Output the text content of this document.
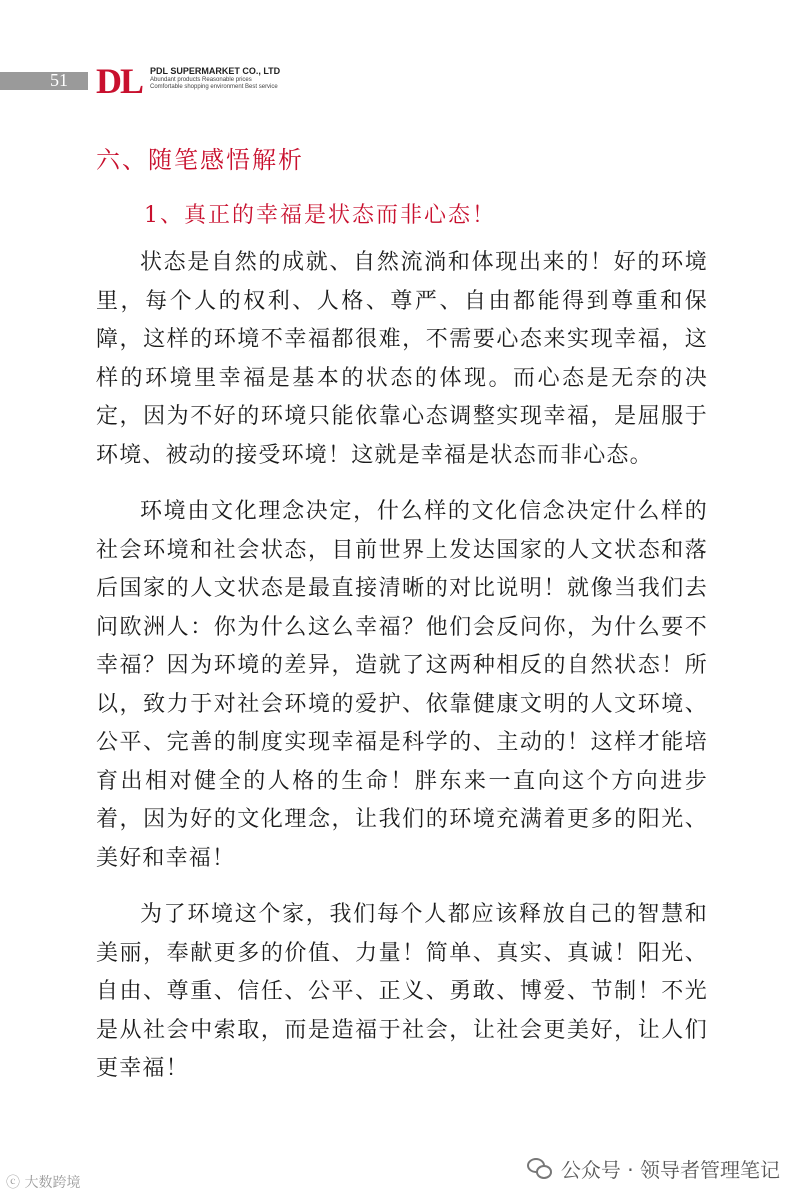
51 DL PDL SUPERMARKET CO., LTD

Abundant products Reasonable prices

Comfortable shopping environment Best service

六、随笔感悟解析
1、真正的幸福是状态而非心态！

状态是自然的成就、自然流淌和体现出来的！好的环境里，每个人的权利、人格、尊严、自由都能得到尊重和保障，这样的环境不幸福都很难，不需要心态来实现幸福，这样的环境里幸福是基本的状态的体现。而心态是无奈的决定，因为不好的环境只能依靠心态调整实现幸福，是屈服于环境、被动的接受环境！这就是幸福是状态而非心态。

环境由文化理念决定，什么样的文化信念决定什么样的社会环境和社会状态，目前世界上发达国家的人文状态和落后国家的人文状态是最直接清晰的对比说明！就像当我们去问欧洲人：你为什么这么幸福？他们会反问你，为什么要不幸福？因为环境的差异，造就了这两种相反的自然状态！所以，致力于对社会环境的爱护、依靠健康文明的人文环境、公平、完善的制度实现幸福是科学的、主动的！这样才能培育出相对健全的人格的生命！胖东来一直向这个方向进步着，因为好的文化理念，让我们的环境充满着更多的阳光、美好和幸福！

为了环境这个家，我们每个人都应该释放自己的智慧和美丽，奉献更多的价值、力量！简单、真实、真诚！阳光、自由、尊重、信任、公平、正义、勇敢、博爱、节制！不光是从社会中索取，而是造福于社会，让社会更美好，让人们更幸福！

ⓒ 大数跨境
公众号 · 领导者管理笔记
